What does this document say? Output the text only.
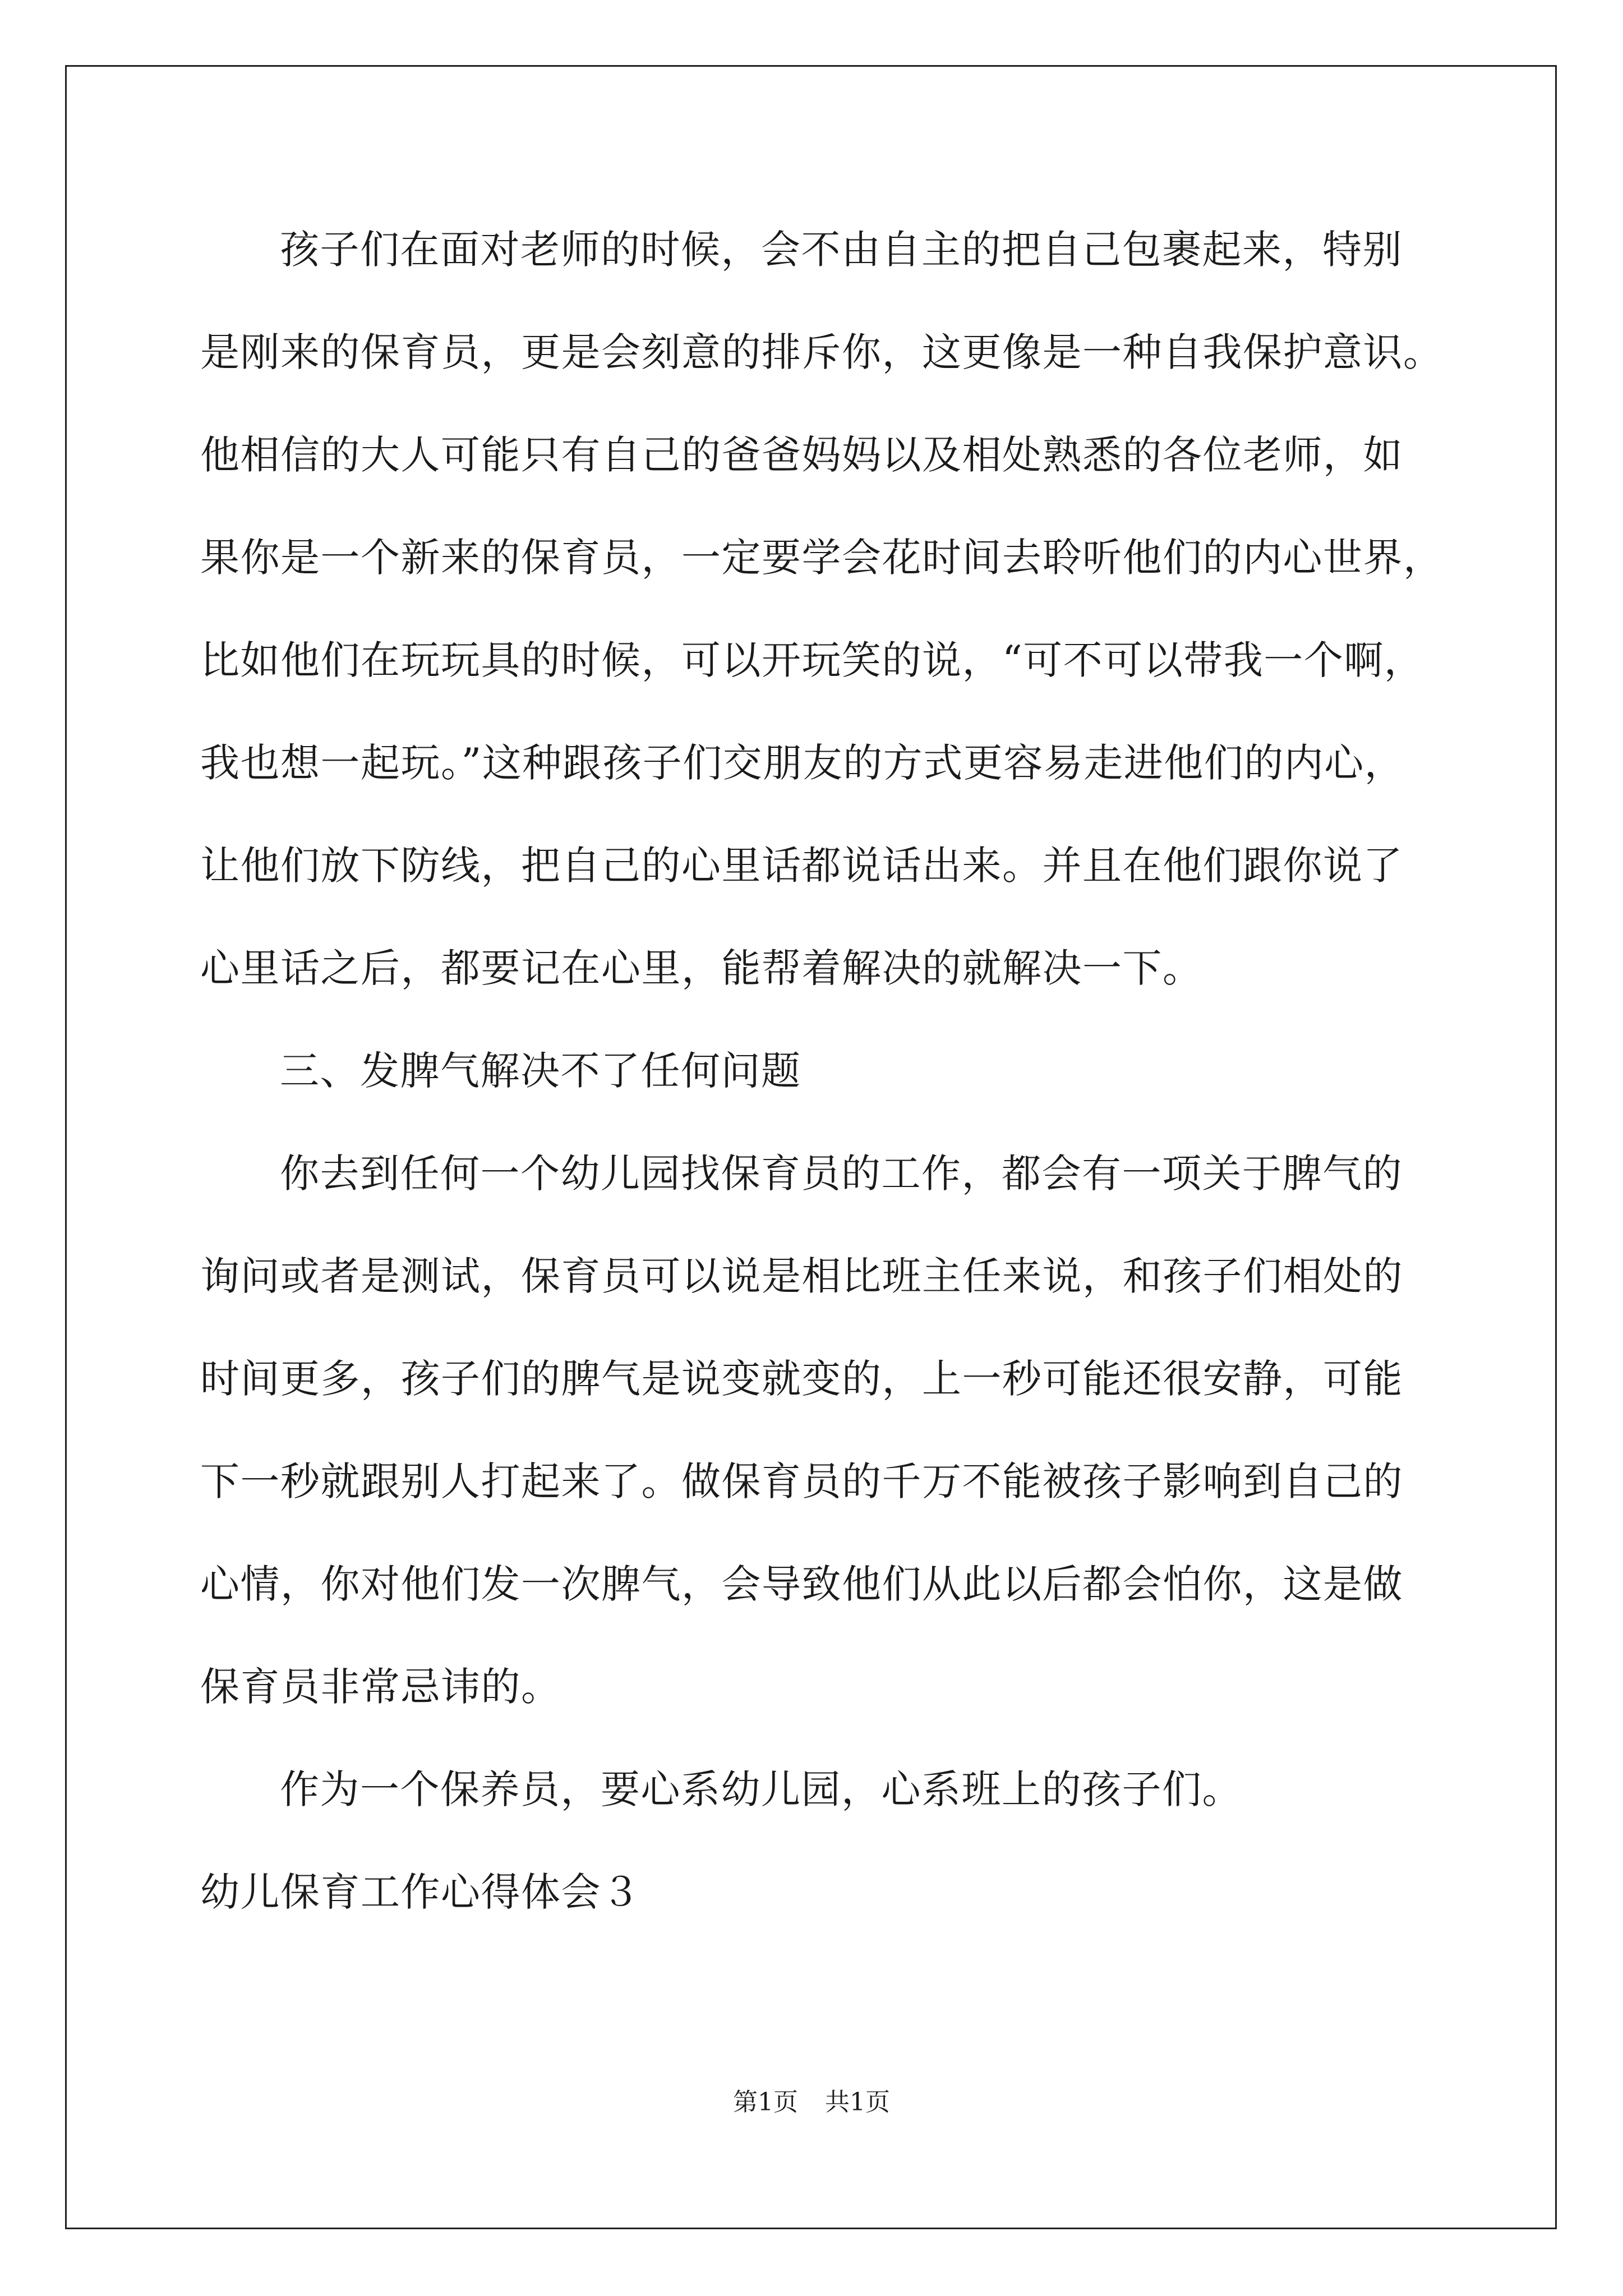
孩子们在面对老师的时候，会不由自主的把自己包裹起来，特别
是刚来的保育员，更是会刻意的排斥你，这更像是一种自我保护意识。
他相信的大人可能只有自己的爸爸妈妈以及相处熟悉的各位老师，如
果你是一个新来的保育员，一定要学会花时间去聆听他们的内心世界，
比如他们在玩玩具的时候，可以开玩笑的说，“可不可以带我一个啊，
我也想一起玩。”这种跟孩子们交朋友的方式更容易走进他们的内心，
让他们放下防线，把自己的心里话都说话出来。并且在他们跟你说了
心里话之后，都要记在心里，能帮着解决的就解决一下。
三、发脾气解决不了任何问题
你去到任何一个幼儿园找保育员的工作，都会有一项关于脾气的
询问或者是测试，保育员可以说是相比班主任来说，和孩子们相处的
时间更多，孩子们的脾气是说变就变的，上一秒可能还很安静，可能
下一秒就跟别人打起来了。做保育员的千万不能被孩子影响到自己的
心情，你对他们发一次脾气，会导致他们从此以后都会怕你，这是做
保育员非常忌讳的。
作为一个保养员，要心系幼儿园，心系班上的孩子们。
幼儿保育工作心得体会３
第1页 共1页
